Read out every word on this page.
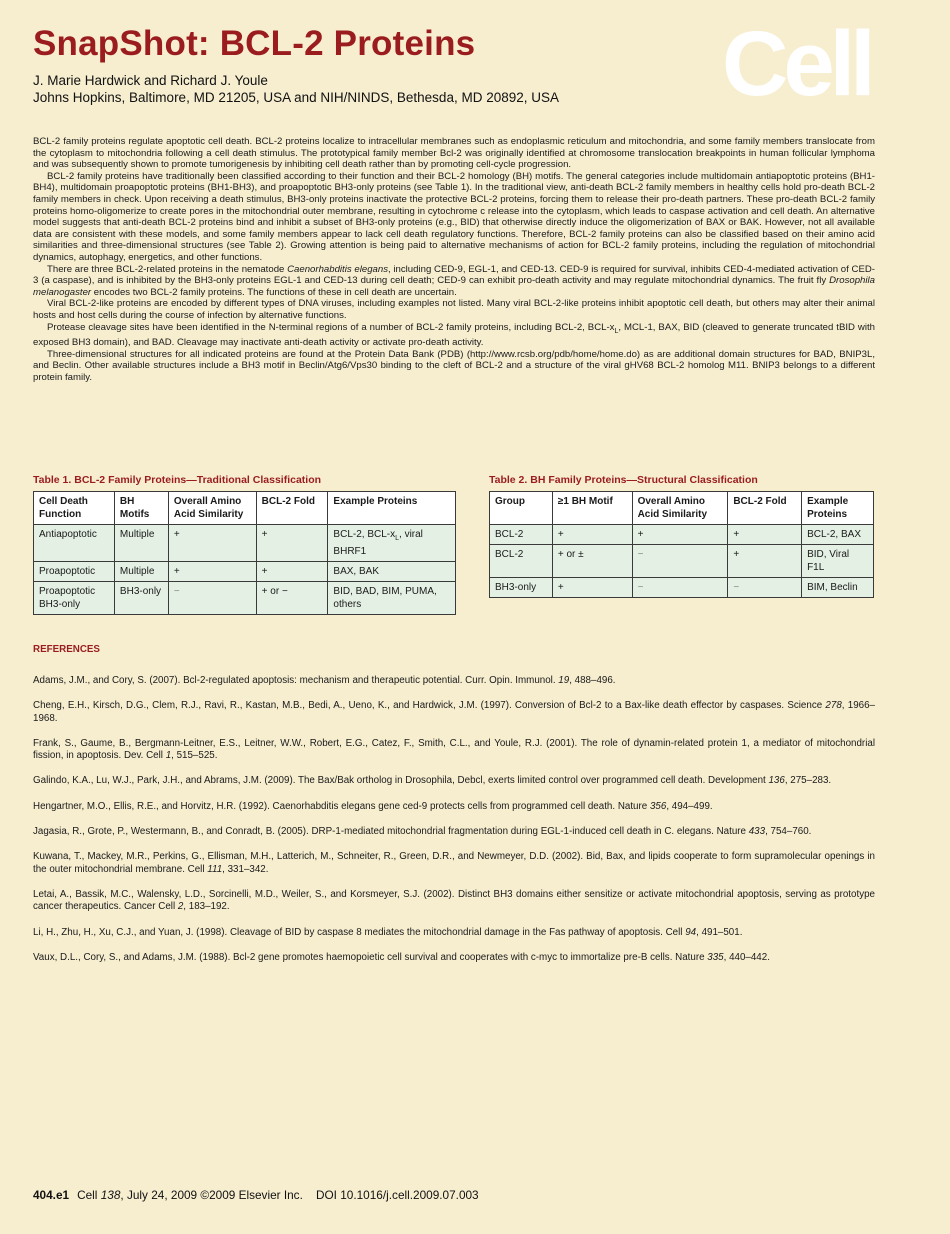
SnapShot: BCL-2 Proteins	Cell
J. Marie Hardwick and Richard J. Youle
Johns Hopkins, Baltimore, MD 21205, USA and NIH/NINDS, Bethesda, MD 20892, USA

BCL-2 family proteins regulate apoptotic cell death. BCL-2 proteins localize to intracellular membranes such as endoplasmic reticulum and mitochondria, and some family members translocate from the cytoplasm to mitochondria following a cell death stimulus. The prototypical family member Bcl-2 was originally identified at chromosome translocation breakpoints in human follicular lymphoma and was subsequently shown to promote tumorigenesis by inhibiting cell death rather than by promoting cell-cycle progression.

BCL-2 family proteins have traditionally been classified according to their function and their BCL-2 homology (BH) motifs. The general categories include multidomain antiapoptotic proteins (BH1-BH4), multidomain proapoptotic proteins (BH1-BH3), and proapoptotic BH3-only proteins (see Table 1). In the traditional view, anti-death BCL-2 family members in healthy cells hold pro-death BCL-2 family members in check. Upon receiving a death stimulus, BH3-only proteins inactivate the protective BCL-2 proteins, forcing them to release their pro-death partners. These pro-death BCL-2 family proteins homo-oligomerize to create pores in the mitochondrial outer membrane, resulting in cytochrome c release into the cytoplasm, which leads to caspase activation and cell death. An alternative model suggests that anti-death BCL-2 proteins bind and inhibit a subset of BH3-only proteins (e.g., BID) that otherwise directly induce the oligomerization of BAX or BAK. However, not all available data are consistent with these models, and some family members appear to lack cell death regulatory functions. Therefore, BCL-2 family proteins can also be classified based on their amino acid similarities and three-dimensional structures (see Table 2). Growing attention is being paid to alternative mechanisms of action for BCL-2 family proteins, including the regulation of mitochondrial dynamics, autophagy, energetics, and other functions.

There are three BCL-2-related proteins in the nematode Caenorhabditis elegans, including CED-9, EGL-1, and CED-13. CED-9 is required for survival, inhibits CED-4-mediated activation of CED-3 (a caspase), and is inhibited by the BH3-only proteins EGL-1 and CED-13 during cell death; CED-9 can exhibit pro-death activity and may regulate mitochondrial dynamics. The fruit fly Drosophila melanogaster encodes two BCL-2 family proteins. The functions of these in cell death are uncertain.

Viral BCL-2-like proteins are encoded by different types of DNA viruses, including examples not listed. Many viral BCL-2-like proteins inhibit apoptotic cell death, but others may alter their animal hosts and host cells during the course of infection by alternative functions.

Protease cleavage sites have been identified in the N-terminal regions of a number of BCL-2 family proteins, including BCL-2, BCL-$x_L$, MCL-1, BAX, BID (cleaved to generate truncated tBID with exposed BH3 domain), and BAD. Cleavage may inactivate anti-death activity or activate pro-death activity.

Three-dimensional structures for all indicated proteins are found at the Protein Data Bank (PDB) (http://www.rcsb.org/pdb/home/home.do) as are additional domain structures for BAD, BNIP3L, and Beclin. Other available structures include a BH3 motif in Beclin/Atg6/Vps30 binding to the cleft of BCL-2 and a structure of the viral gHV68 BCL-2 homolog M11. BNIP3 belongs to a different protein family.

Table 1. BCL-2 Family Proteins—Traditional Classification
Cell Death Function	BH Motifs	Overall Amino Acid Similarity	BCL-2 Fold	Example Proteins
Antiapoptotic	Multiple	+	+	BCL-2, BCL-$x_L$, viral BHRF1
Proapoptotic	Multiple	+	+	BAX, BAK
Proapoptotic BH3-only	BH3-only	−	+ or −	BID, BAD, BIM, PUMA, others
Table 2. BH Family Proteins—Structural Classification
Group	≥1 BH Motif	Overall Amino Acid Similarity	BCL-2 Fold	Example Proteins
BCL-2	+	+	+	BCL-2, BAX
BCL-2	+ or ±	−	+	BID, Viral F1L
BH3-only	+	−	−	BIM, Beclin
REFERENCES
Adams, J.M., and Cory, S. (2007). Bcl-2-regulated apoptosis: mechanism and therapeutic potential. Curr. Opin. Immunol. 19, 488–496.
Cheng, E.H., Kirsch, D.G., Clem, R.J., Ravi, R., Kastan, M.B., Bedi, A., Ueno, K., and Hardwick, J.M. (1997). Conversion of Bcl-2 to a Bax-like death effector by caspases. Science 278, 1966–1968.
Frank, S., Gaume, B., Bergmann-Leitner, E.S., Leitner, W.W., Robert, E.G., Catez, F., Smith, C.L., and Youle, R.J. (2001). The role of dynamin-related protein 1, a mediator of mitochondrial fission, in apoptosis. Dev. Cell 1, 515–525.
Galindo, K.A., Lu, W.J., Park, J.H., and Abrams, J.M. (2009). The Bax/Bak ortholog in Drosophila, Debcl, exerts limited control over programmed cell death. Development 136, 275–283.
Hengartner, M.O., Ellis, R.E., and Horvitz, H.R. (1992). Caenorhabditis elegans gene ced-9 protects cells from programmed cell death. Nature 356, 494–499.
Jagasia, R., Grote, P., Westermann, B., and Conradt, B. (2005). DRP-1-mediated mitochondrial fragmentation during EGL-1-induced cell death in C. elegans. Nature 433, 754–760.
Kuwana, T., Mackey, M.R., Perkins, G., Ellisman, M.H., Latterich, M., Schneiter, R., Green, D.R., and Newmeyer, D.D. (2002). Bid, Bax, and lipids cooperate to form supramolecular openings in the outer mitochondrial membrane. Cell 111, 331–342.
Letai, A., Bassik, M.C., Walensky, L.D., Sorcinelli, M.D., Weiler, S., and Korsmeyer, S.J. (2002). Distinct BH3 domains either sensitize or activate mitochondrial apoptosis, serving as prototype cancer therapeutics. Cancer Cell 2, 183–192.
Li, H., Zhu, H., Xu, C.J., and Yuan, J. (1998). Cleavage of BID by caspase 8 mediates the mitochondrial damage in the Fas pathway of apoptosis. Cell 94, 491–501.
Vaux, D.L., Cory, S., and Adams, J.M. (1988). Bcl-2 gene promotes haemopoietic cell survival and cooperates with c-myc to immortalize pre-B cells. Nature 335, 440–442.
404.e1 Cell 138, July 24, 2009 ©2009 Elsevier Inc.    DOI 10.1016/j.cell.2009.07.003
